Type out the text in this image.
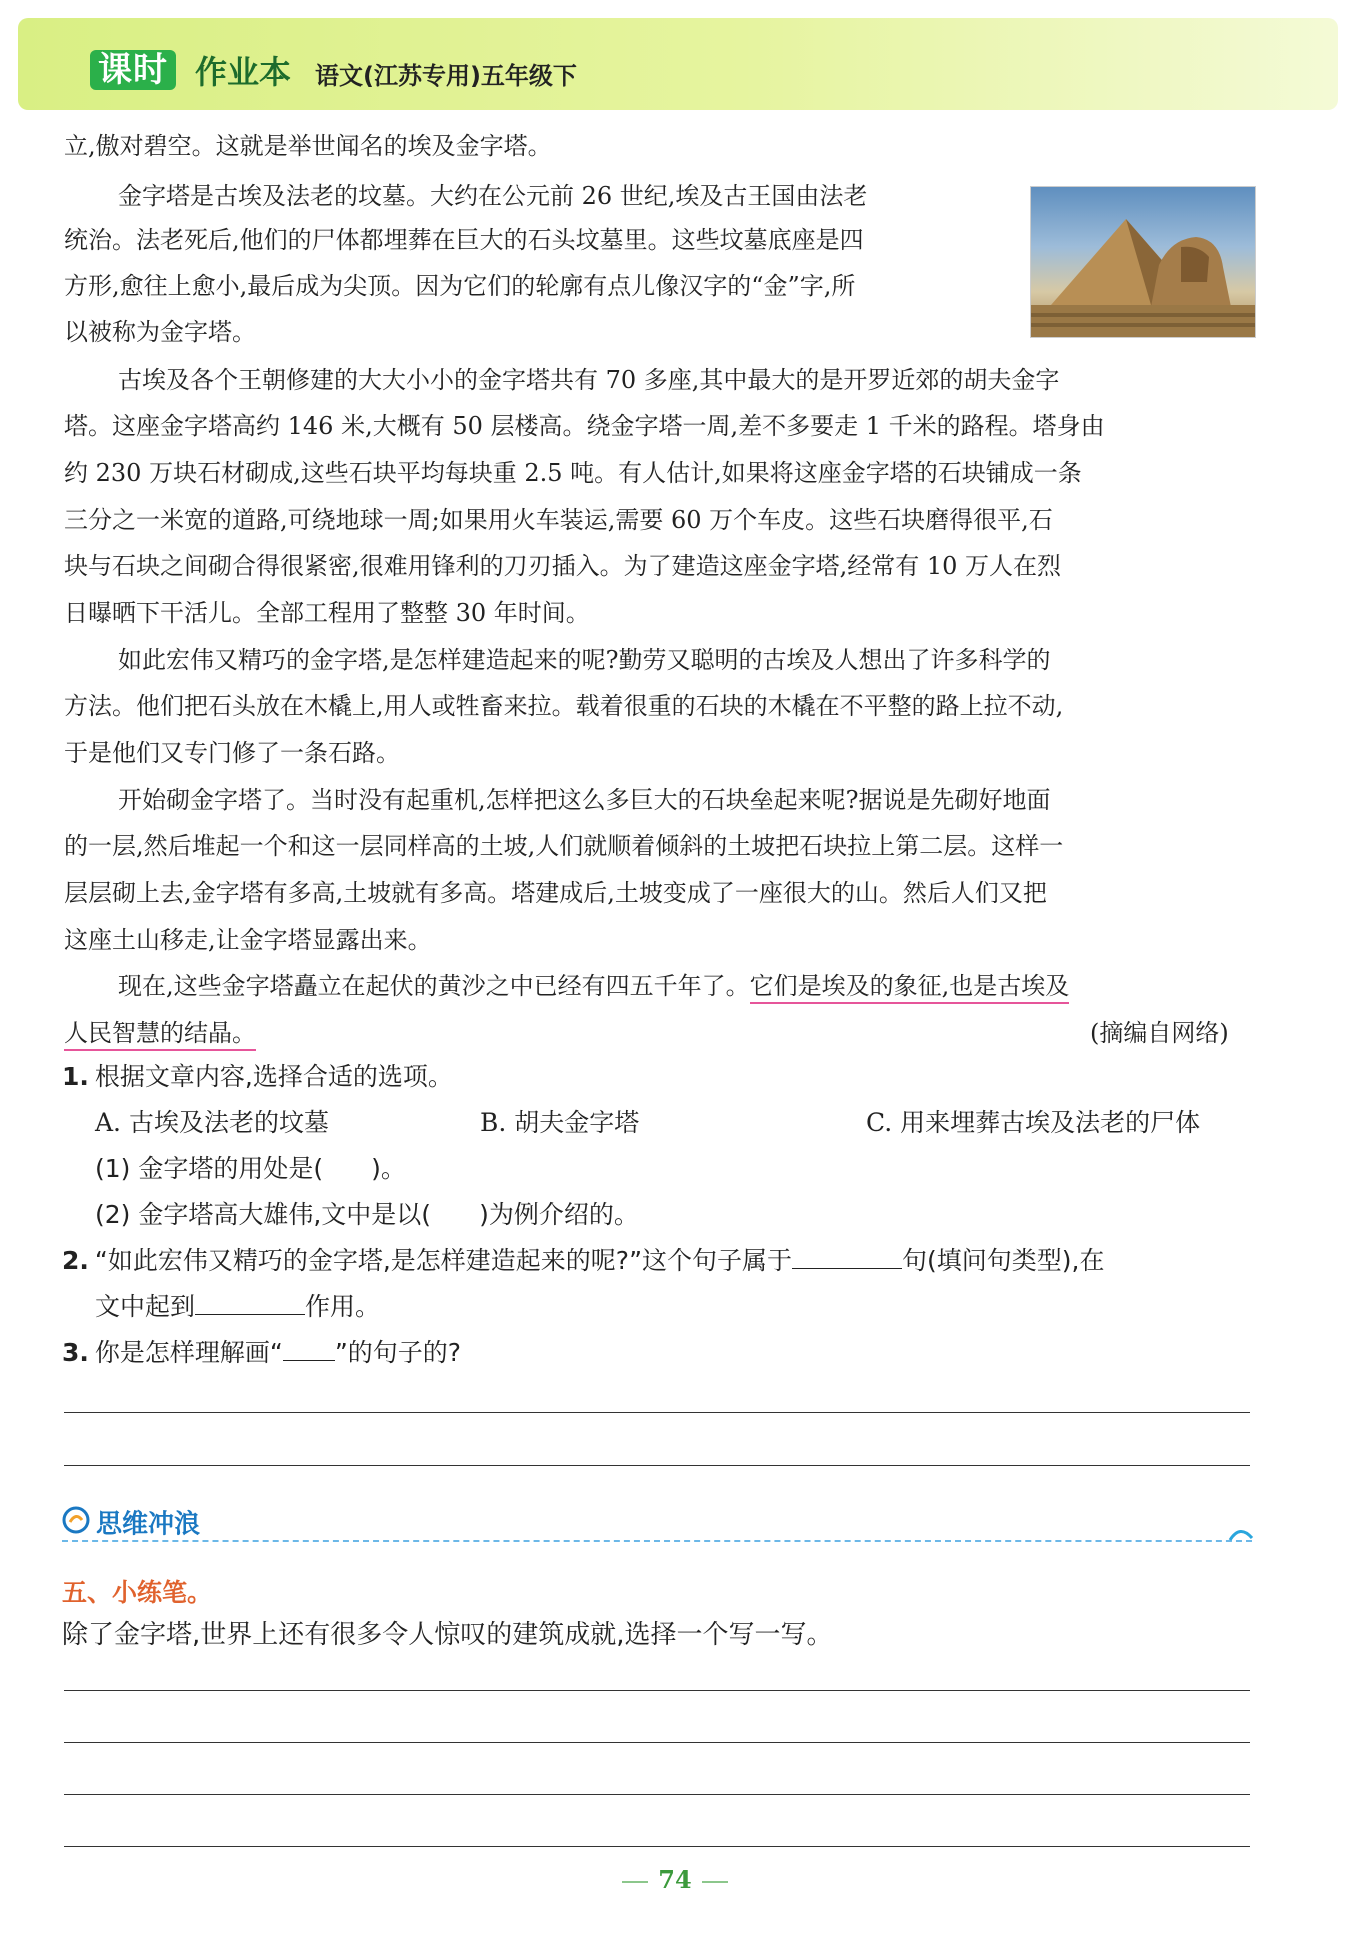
课时 作业本 语文(江苏专用)五年级下
立,傲对碧空。这就是举世闻名的埃及金字塔。
金字塔是古埃及法老的坟墓。大约在公元前 26 世纪,埃及古王国由法老
统治。法老死后,他们的尸体都埋葬在巨大的石头坟墓里。这些坟墓底座是四
方形,愈往上愈小,最后成为尖顶。因为它们的轮廓有点儿像汉字的“金”字,所
以被称为金字塔。
古埃及各个王朝修建的大大小小的金字塔共有 70 多座,其中最大的是开罗近郊的胡夫金字
塔。这座金字塔高约 146 米,大概有 50 层楼高。绕金字塔一周,差不多要走 1 千米的路程。塔身由
约 230 万块石材砌成,这些石块平均每块重 2.5 吨。有人估计,如果将这座金字塔的石块铺成一条
三分之一米宽的道路,可绕地球一周;如果用火车装运,需要 60 万个车皮。这些石块磨得很平,石
块与石块之间砌合得很紧密,很难用锋利的刀刃插入。为了建造这座金字塔,经常有 10 万人在烈
日曝晒下干活儿。全部工程用了整整 30 年时间。
如此宏伟又精巧的金字塔,是怎样建造起来的呢?勤劳又聪明的古埃及人想出了许多科学的
方法。他们把石头放在木橇上,用人或牲畜来拉。载着很重的石块的木橇在不平整的路上拉不动,
于是他们又专门修了一条石路。
开始砌金字塔了。当时没有起重机,怎样把这么多巨大的石块垒起来呢?据说是先砌好地面
的一层,然后堆起一个和这一层同样高的土坡,人们就顺着倾斜的土坡把石块拉上第二层。这样一
层层砌上去,金字塔有多高,土坡就有多高。塔建成后,土坡变成了一座很大的山。然后人们又把
这座土山移走,让金字塔显露出来。
现在,这些金字塔矗立在起伏的黄沙之中已经有四五千年了。它们是埃及的象征,也是古埃及
人民智慧的结晶。	(摘编自网络)
1. 根据文章内容,选择合适的选项。
A. 古埃及法老的坟墓	B. 胡夫金字塔	C. 用来埋葬古埃及法老的尸体
(1) 金字塔的用处是( )。
(2) 金字塔高大雄伟,文中是以( )为例介绍的。
2. “如此宏伟又精巧的金字塔,是怎样建造起来的呢?”这个句子属于	句(填问句类型),在
文中起到	作用。
3. 你是怎样理解画“ ”的句子的?
思维冲浪
五、小练笔。
除了金字塔,世界上还有很多令人惊叹的建筑成就,选择一个写一写。
74
